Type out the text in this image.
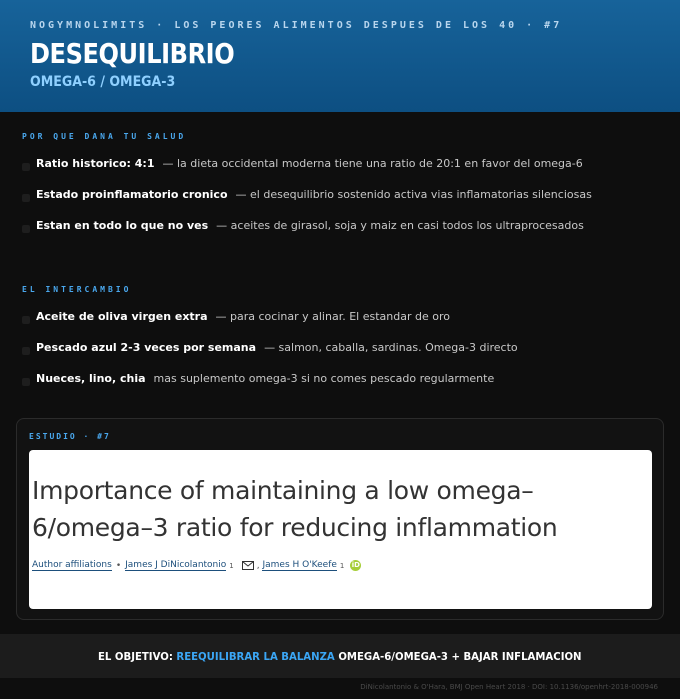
NOGYMNOLIMITS · LOS PEORES ALIMENTOS DESPUES DE LOS 40 · #7
DESEQUILIBRIO
OMEGA-6 / OMEGA-3
POR QUE DANA TU SALUD
Ratio historico: 4:1 — la dieta occidental moderna tiene una ratio de 20:1 en favor del omega-6
Estado proinflamatorio cronico — el desequilibrio sostenido activa vias inflamatorias silenciosas
Estan en todo lo que no ves — aceites de girasol, soja y maiz en casi todos los ultraprocesados
EL INTERCAMBIO
Aceite de oliva virgen extra — para cocinar y alinar. El estandar de oro
Pescado azul 2-3 veces por semana — salmon, caballa, sardinas. Omega-3 directo
Nueces, lino, chia mas suplemento omega-3 si no comes pescado regularmente
ESTUDIO · #7
Importance of maintaining a low omega–
6/omega–3 ratio for reducing inflammation
Author affiliations • James J DiNicolantonio 1	, James H O'Keefe 1 iD
EL OBJETIVO: REEQUILIBRAR LA BALANZA OMEGA-6/OMEGA-3 + BAJAR INFLAMACION
DiNicolantonio & O'Hara, BMJ Open Heart 2018 · DOI: 10.1136/openhrt-2018-000946
